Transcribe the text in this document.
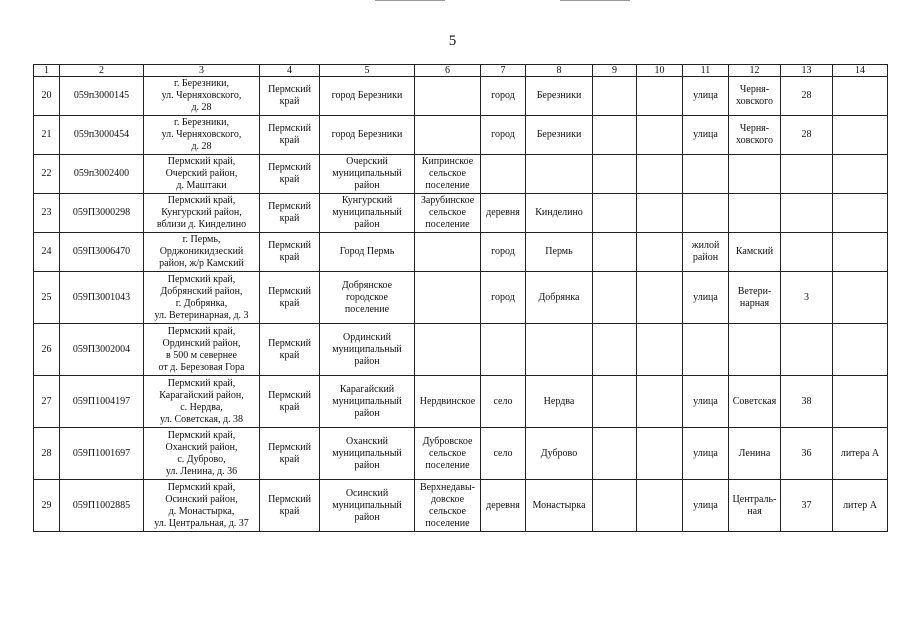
5
1	2	3	4	5	6	7	8	9	10	11	12	13	14
20	059п3000145	г. Березники,
ул. Черняховского,
д. 28	Пермский
край	город Березники		город	Березники			улица	Черня-
ховского	28	
21	059п3000454	г. Березники,
ул. Черняховского,
д. 28	Пермский
край	город Березники		город	Березники			улица	Черня-
ховского	28	
22	059п3002400	Пермский край,
Очерский район,
д. Маштаки	Пермский
край	Очерский
муниципальный
район	Кипринское
сельское
поселение								
23	059П3000298	Пермский край,
Кунгурский район,
вблизи д. Кинделино	Пермский
край	Кунгурский
муниципальный
район	Зарубинское
сельское
поселение	деревня	Кинделино						
24	059П3006470	г. Пермь,
Орджоникидзеский
район, ж/р Камский	Пермский
край	Город Пермь		город	Пермь			жилой
район	Камский		
25	059П3001043	Пермский край,
Добрянский район,
г. Добрянка,
ул. Ветеринарная, д. 3	Пермский
край	Добрянское
городское
поселение		город	Добрянка			улица	Ветери-
нарная	3	
26	059П3002004	Пермский край,
Ординский район,
в 500 м севернее
от д. Березовая Гора	Пермский
край	Ординский
муниципальный
район									
27	059П1004197	Пермский край,
Карагайский район,
с. Нердва,
ул. Советская, д. 38	Пермский
край	Карагайский
муниципальный
район	Нердвинское	село	Нердва			улица	Советская	38	
28	059П1001697	Пермский край,
Оханский район,
с. Дуброво,
ул. Ленина, д. 36	Пермский
край	Оханский
муниципальный
район	Дубровское
сельское
поселение	село	Дуброво			улица	Ленина	36	литера А
29	059П1002885	Пермский край,
Осинский район,
д. Монастырка,
ул. Центральная, д. 37	Пермский
край	Осинский
муниципальный
район	Верхнедавы-
довское
сельское
поселение	деревня	Монастырка			улица	Централь-
ная	37	литер А
